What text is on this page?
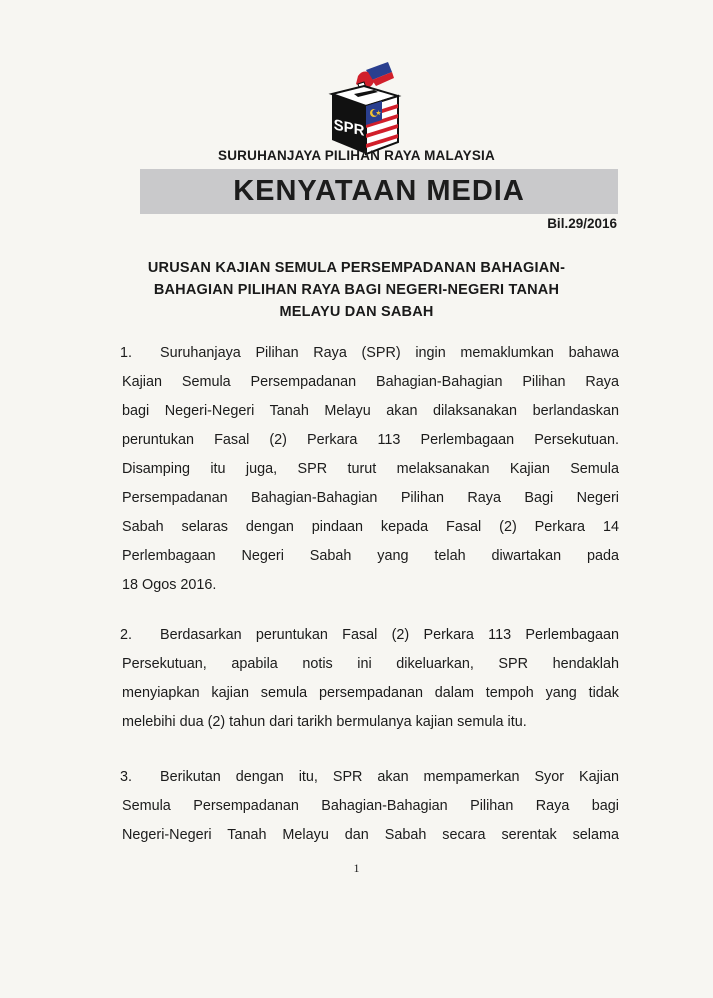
SPR
SURUHANJAYA PILIHAN RAYA MALAYSIA
KENYATAAN MEDIA
Bil.29/2016
URUSAN KAJIAN SEMULA PERSEMPADANAN BAHAGIAN-
BAHAGIAN PILIHAN RAYA BAGI NEGERI-NEGERI TANAH
MELAYU DAN SABAH
1. Suruhanjaya Pilihan Raya (SPR) ingin memaklumkan bahawa
Kajian Semula Persempadanan Bahagian-Bahagian Pilihan Raya
bagi Negeri-Negeri Tanah Melayu akan dilaksanakan berlandaskan
peruntukan Fasal (2) Perkara 113 Perlembagaan Persekutuan.
Disamping itu juga, SPR turut melaksanakan Kajian Semula
Persempadanan Bahagian-Bahagian Pilihan Raya Bagi Negeri
Sabah selaras dengan pindaan kepada Fasal (2) Perkara 14
Perlembagaan Negeri Sabah yang telah diwartakan pada
18 Ogos 2016.
2. Berdasarkan peruntukan Fasal (2) Perkara 113 Perlembagaan
Persekutuan, apabila notis ini dikeluarkan, SPR hendaklah
menyiapkan kajian semula persempadanan dalam tempoh yang tidak
melebihi dua (2) tahun dari tarikh bermulanya kajian semula itu.
3. Berikutan dengan itu, SPR akan mempamerkan Syor Kajian
Semula Persempadanan Bahagian-Bahagian Pilihan Raya bagi
Negeri-Negeri Tanah Melayu dan Sabah secara serentak selama
1
